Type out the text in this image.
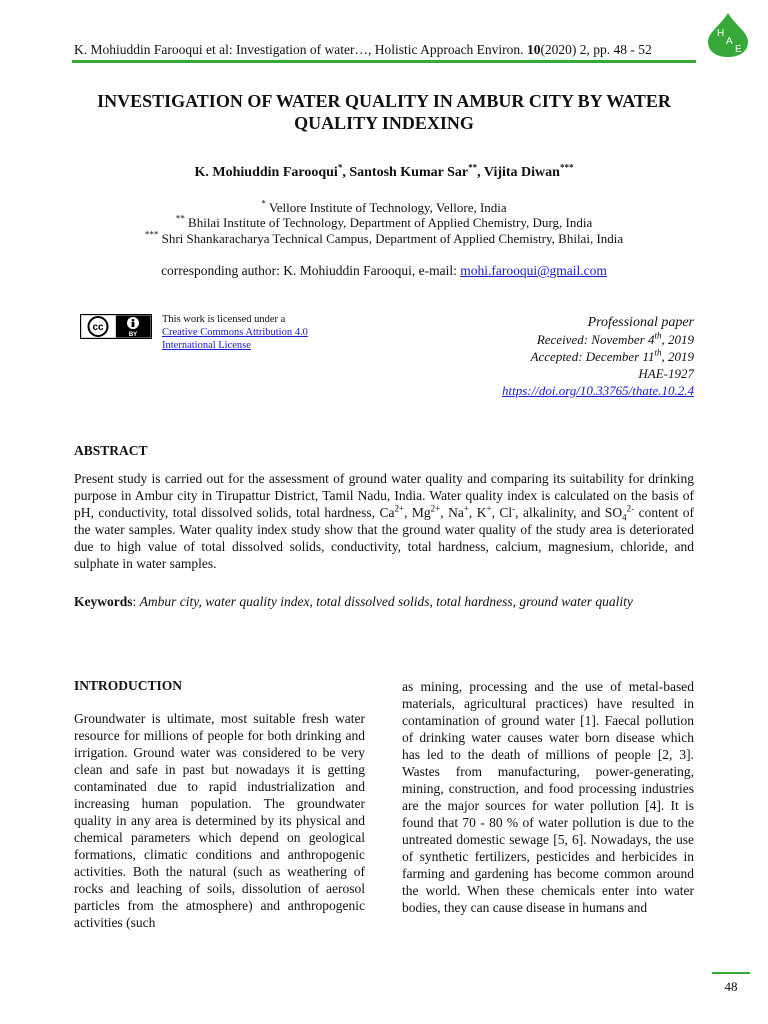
K. Mohiuddin Farooqui et al: Investigation of water…, Holistic Approach Environ. 10(2020) 2, pp. 48 - 52
H
A
E
INVESTIGATION OF WATER QUALITY IN AMBUR CITY BY WATER QUALITY INDEXING
K. Mohiuddin Farooqui*, Santosh Kumar Sar**, Vijita Diwan***
* Vellore Institute of Technology, Vellore, India
** Bhilai Institute of Technology, Department of Applied Chemistry, Durg, India
*** Shri Shankaracharya Technical Campus, Department of Applied Chemistry, Bhilai, India
corresponding author: K. Mohiuddin Farooqui, e-mail: mohi.farooqui@gmail.com
cc
BY
This work is licensed under a
Creative Commons Attribution 4.0
International License
Professional paper
Received: November 4th, 2019
Accepted: December 11th, 2019
HAE-1927
https://doi.org/10.33765/thate.10.2.4
ABSTRACT
Present study is carried out for the assessment of ground water quality and comparing its suitability for drinking purpose in Ambur city in Tirupattur District, Tamil Nadu, India. Water quality index is calculated on the basis of pH, conductivity, total dissolved solids, total hardness, $Ca^{2+}$, $Mg^{2+}$, Na+, K+, Cl-, alkalinity, and $SO_4^{2-}$ content of the water samples. Water quality index study show that the ground water quality of the study area is deteriorated due to high value of total dissolved solids, conductivity, total hardness, calcium, magnesium, chloride, and sulphate in water samples.
Keywords: Ambur city, water quality index, total dissolved solids, total hardness, ground water quality
INTRODUCTION
Groundwater is ultimate, most suitable fresh water resource for millions of people for both drinking and irrigation. Ground water was considered to be very clean and safe in past but nowadays it is getting contaminated due to rapid industrialization and increasing human population. The groundwater quality in any area is determined by its physical and chemical parameters which depend on geological formations, climatic conditions and anthropogenic activities. Both the natural (such as weathering of rocks and leaching of soils, dissolution of aerosol particles from the atmosphere) and anthropogenic activities (such
as mining, processing and the use of metal-based materials, agricultural practices) have resulted in contamination of ground water [1]. Faecal pollution of drinking water causes water born disease which has led to the death of millions of people [2, 3]. Wastes from manufacturing, power-generating, mining, construction, and food processing industries are the major sources for water pollution [4]. It is found that 70 - 80 % of water pollution is due to the untreated domestic sewage [5, 6]. Nowadays, the use of synthetic fertilizers, pesticides and herbicides in farming and gardening has become common around the world. When these chemicals enter into water bodies, they can cause disease in humans and
48
